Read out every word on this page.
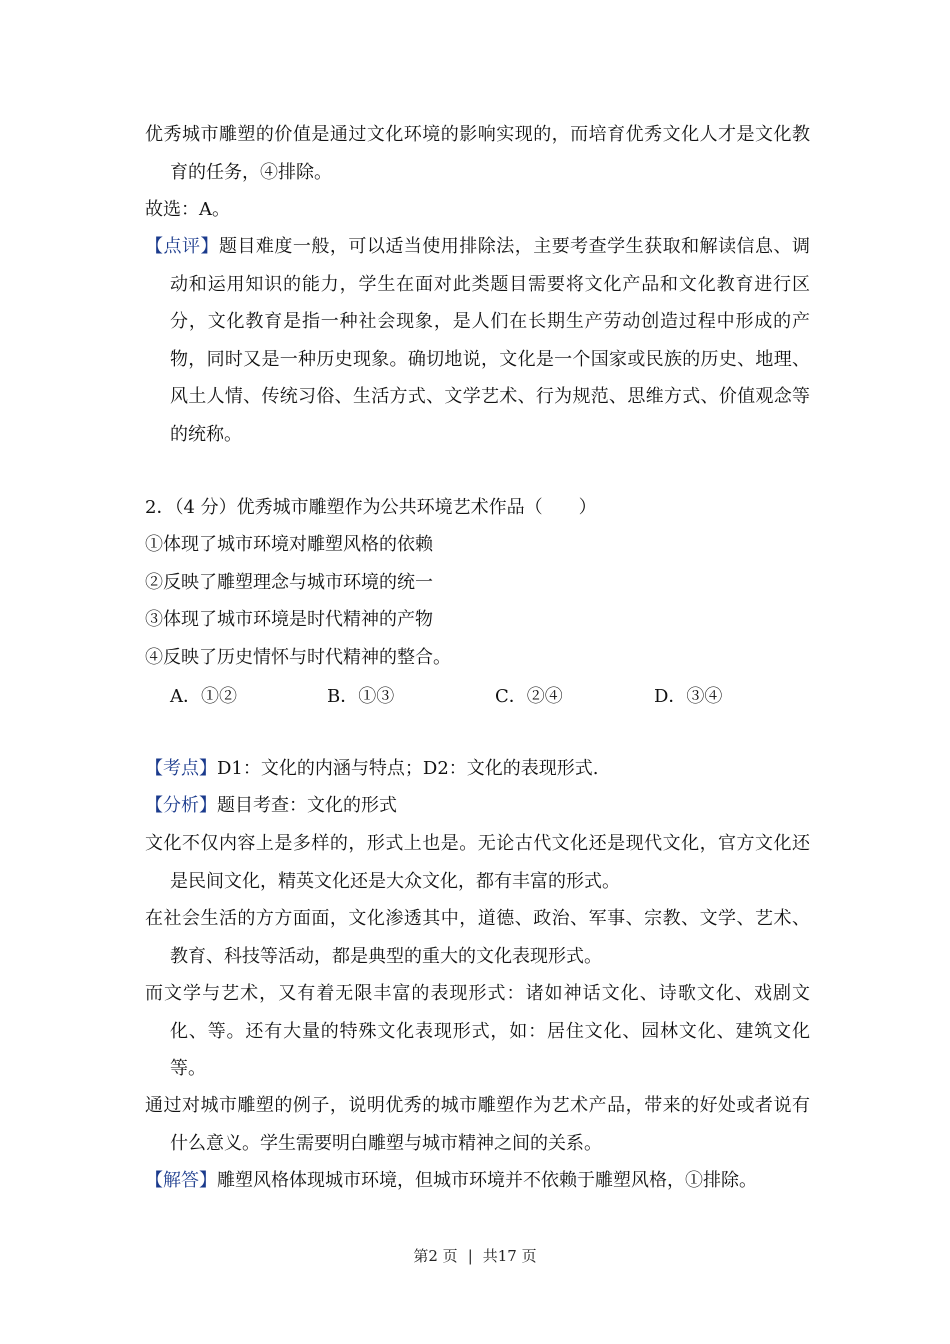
优秀城市雕塑的价值是通过文化环境的影响实现的，而培育优秀文化人才是文化教育的任务，④排除。

故选：A。

【点评】题目难度一般，可以适当使用排除法，主要考查学生获取和解读信息、调动和运用知识的能力，学生在面对此类题目需要将文化产品和文化教育进行区分，文化教育是指一种社会现象，是人们在长期生产劳动创造过程中形成的产物，同时又是一种历史现象。确切地说，文化是一个国家或民族的历史、地理、风土人情、传统习俗、生活方式、文学艺术、行为规范、思维方式、价值观念等的统称。

2．（4 分）优秀城市雕塑作为公共环境艺术作品（　　）

①体现了城市环境对雕塑风格的依赖

②反映了雕塑理念与城市环境的统一

③体现了城市环境是时代精神的产物

④反映了历史情怀与时代精神的整合。

A．①②	B．①③	C．②④	D．③④

【考点】D1：文化的内涵与特点；D2：文化的表现形式.

【分析】题目考查：文化的形式

文化不仅内容上是多样的，形式上也是。无论古代文化还是现代文化，官方文化还是民间文化，精英文化还是大众文化，都有丰富的形式。

在社会生活的方方面面，文化渗透其中，道德、政治、军事、宗教、文学、艺术、教育、科技等活动，都是典型的重大的文化表现形式。

而文学与艺术，又有着无限丰富的表现形式：诸如神话文化、诗歌文化、戏剧文化、等。还有大量的特殊文化表现形式，如：居住文化、园林文化、建筑文化等。

通过对城市雕塑的例子，说明优秀的城市雕塑作为艺术产品，带来的好处或者说有什么意义。学生需要明白雕塑与城市精神之间的关系。

【解答】雕塑风格体现城市环境，但城市环境并不依赖于雕塑风格，①排除。

第2 页 | 共17 页
